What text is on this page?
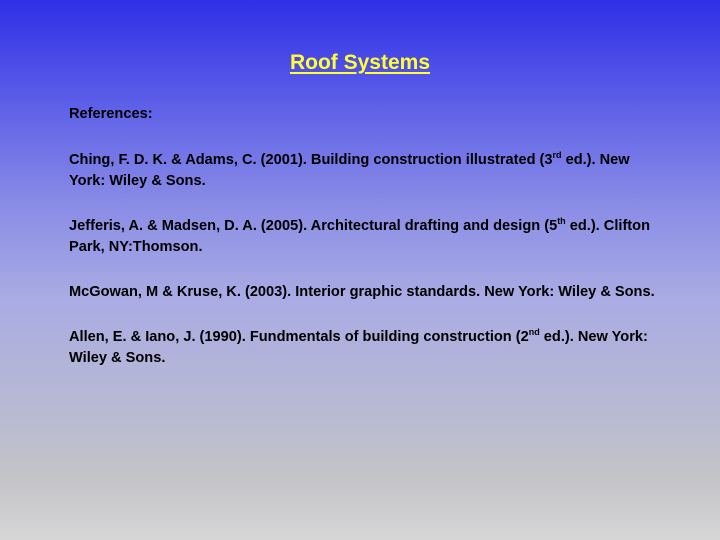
Roof Systems
References:
Ching, F. D. K. & Adams, C. (2001). Building construction illustrated (3rd ed.). New York: Wiley & Sons.
Jefferis, A. & Madsen, D. A. (2005). Architectural drafting and design (5th ed.). Clifton Park, NY:Thomson.
McGowan, M & Kruse, K. (2003). Interior graphic standards. New York: Wiley & Sons.
Allen, E. & Iano, J. (1990). Fundmentals of building construction (2nd ed.). New York: Wiley & Sons.
